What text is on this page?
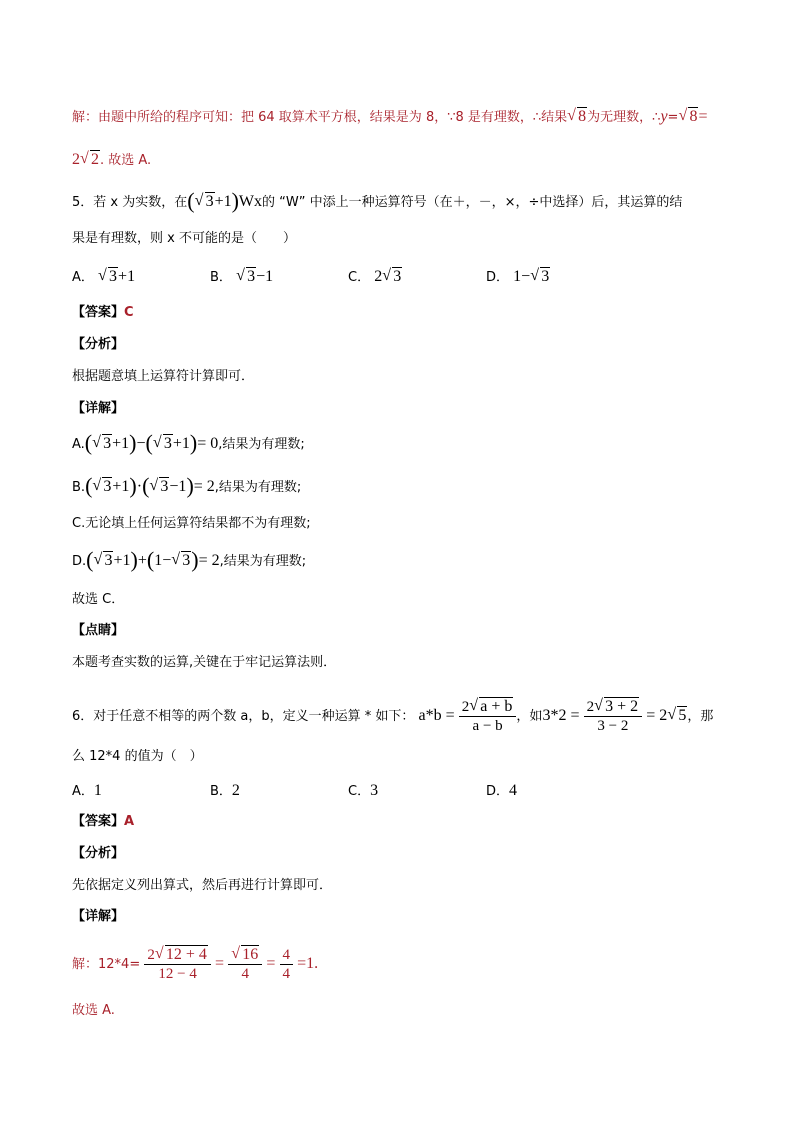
解：由题中所给的程序可知：把 64 取算术平方根，结果是为 8，∵8 是有理数，∴结果√ 8为无理数，∴y=√ 8=
2√ 2. 故选 A.
5．若 x 为实数，在(√ 3+1)Wx的 “W” 中添上一种运算符号（在＋，－，×，÷中选择）后，其运算的结
果是有理数，则 x 不可能的是（　　）
A． √ 3+1	B． √ 3−1	C． 2√ 3	D． 1−√ 3
【答案】C
【分析】
根据题意填上运算符计算即可．
【详解】
A.(√ 3+1)−(√ 3+1)= 0,结果为有理数;
B.(√ 3+1)·(√ 3−1)= 2,结果为有理数;
C.无论填上任何运算符结果都不为有理数;
D.(√ 3+1)+(1−√ 3)= 2,结果为有理数;
故选 C．
【点睛】
本题考查实数的运算,关键在于牢记运算法则．
6．对于任意不相等的两个数 a，b，定义一种运算 * 如下： $a*b = \frac{2√ a + b}{a - b}$ ，如$3*2 = \frac{2√ 3 + 2}{3 - 2} = 2√$ 5，那
么 12*4 的值为（　）
A．1	B．2	C．3	D．4
【答案】A
【分析】
先依据定义列出算式，然后再进行计算即可．
【详解】
解：$12*4= \frac{2√ 12 + 4}{12 - 4}$ =
√ $\frac{16}{4} = \frac{4}{4} =1$.
故选 A.
